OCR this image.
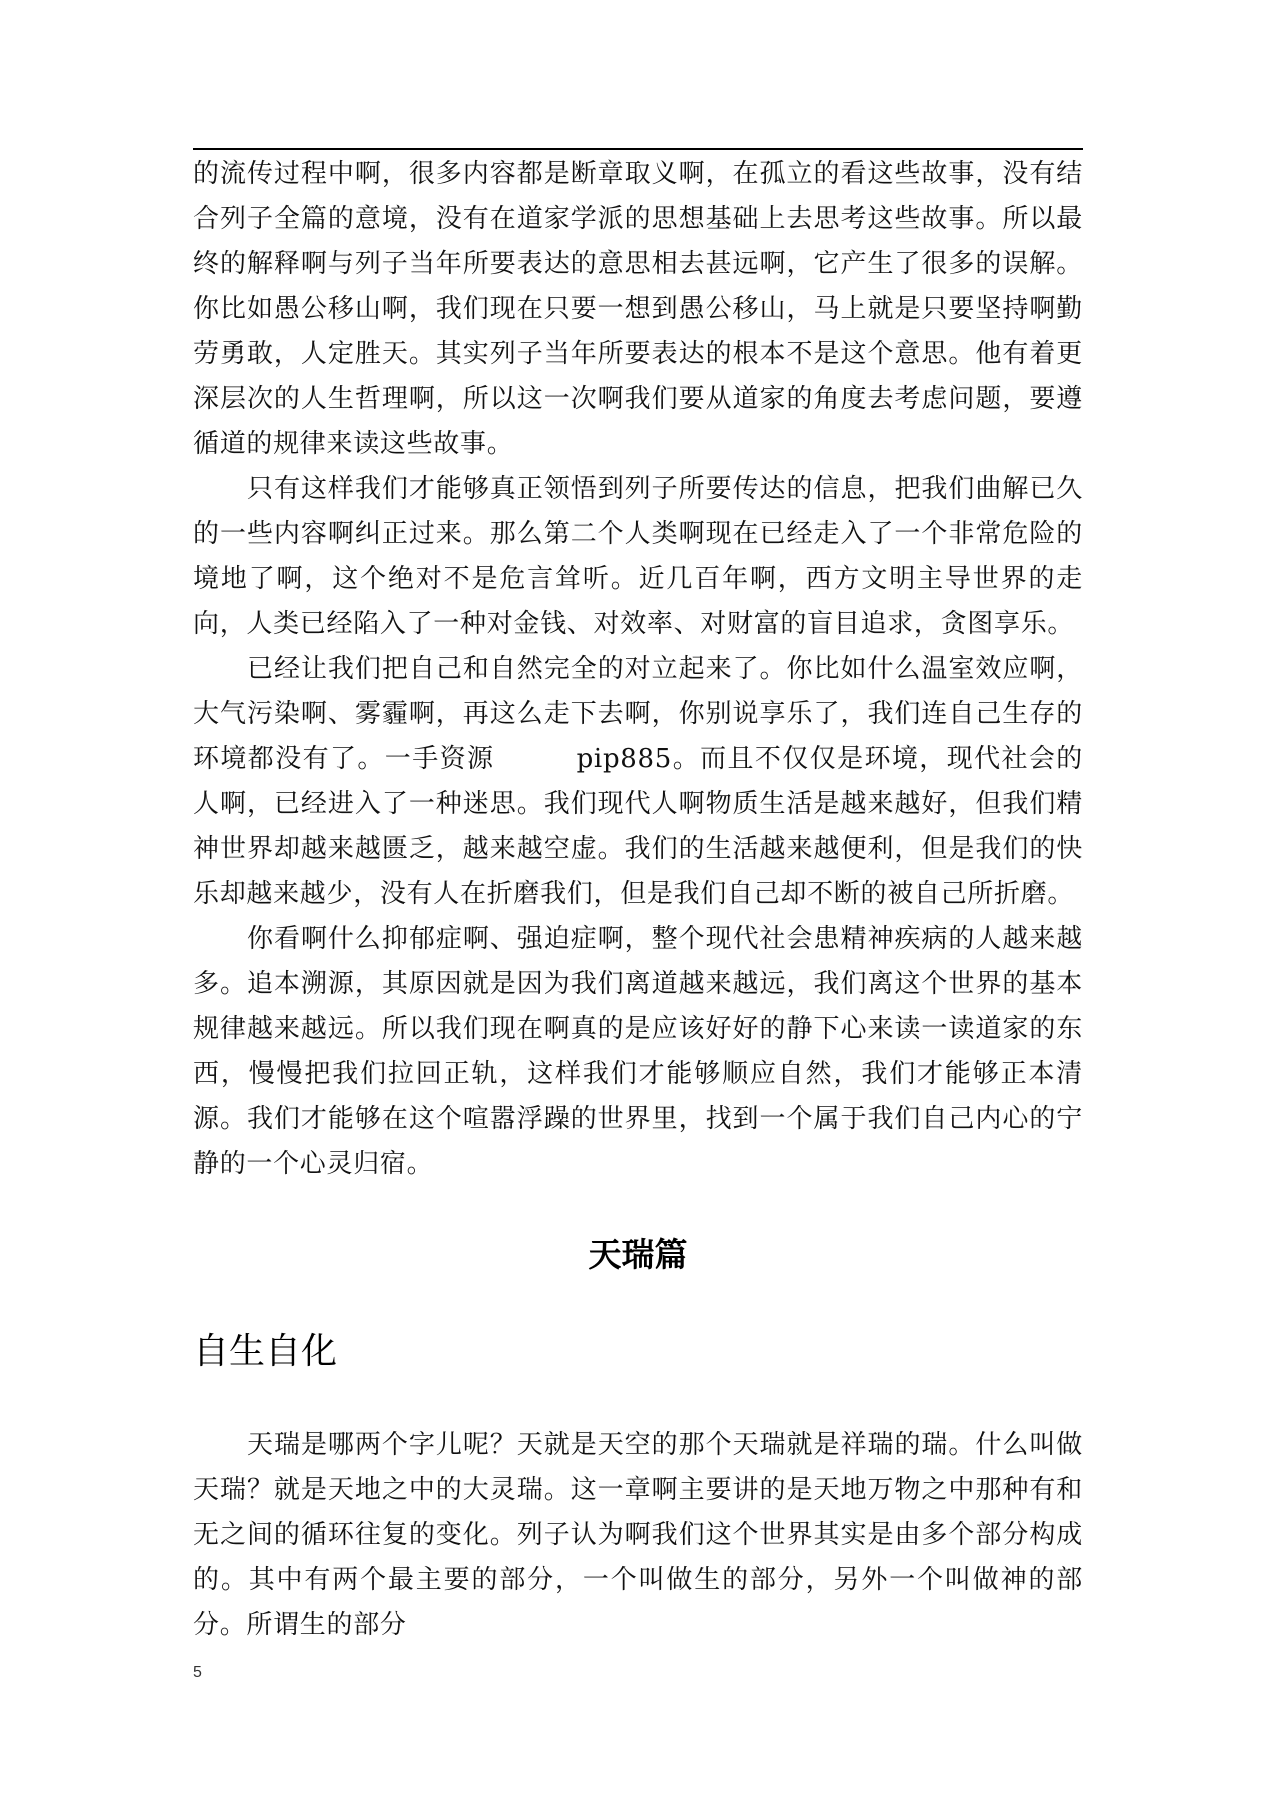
的流传过程中啊，很多内容都是断章取义啊，在孤立的看这些故事，没有结合列子全篇的意境，没有在道家学派的思想基础上去思考这些故事。所以最终的解释啊与列子当年所要表达的意思相去甚远啊，它产生了很多的误解。你比如愚公移山啊，我们现在只要一想到愚公移山，马上就是只要坚持啊勤劳勇敢，人定胜天。其实列子当年所要表达的根本不是这个意思。他有着更深层次的人生哲理啊，所以这一次啊我们要从道家的角度去考虑问题，要遵循道的规律来读这些故事。

只有这样我们才能够真正领悟到列子所要传达的信息，把我们曲解已久的一些内容啊纠正过来。那么第二个人类啊现在已经走入了一个非常危险的境地了啊，这个绝对不是危言耸听。近几百年啊，西方文明主导世界的走向，人类已经陷入了一种对金钱、对效率、对财富的盲目追求，贪图享乐。

已经让我们把自己和自然完全的对立起来了。你比如什么温室效应啊，大气污染啊、雾霾啊，再这么走下去啊，你别说享乐了，我们连自己生存的环境都没有了。一手资源　　　pip885。而且不仅仅是环境，现代社会的人啊，已经进入了一种迷思。我们现代人啊物质生活是越来越好，但我们精神世界却越来越匮乏，越来越空虚。我们的生活越来越便利，但是我们的快乐却越来越少，没有人在折磨我们，但是我们自己却不断的被自己所折磨。

你看啊什么抑郁症啊、强迫症啊，整个现代社会患精神疾病的人越来越多。追本溯源，其原因就是因为我们离道越来越远，我们离这个世界的基本规律越来越远。所以我们现在啊真的是应该好好的静下心来读一读道家的东西，慢慢把我们拉回正轨，这样我们才能够顺应自然，我们才能够正本清源。我们才能够在这个喧嚣浮躁的世界里，找到一个属于我们自己内心的宁静的一个心灵归宿。

天瑞篇
自生自化

天瑞是哪两个字儿呢？天就是天空的那个天瑞就是祥瑞的瑞。什么叫做天瑞？就是天地之中的大灵瑞。这一章啊主要讲的是天地万物之中那种有和无之间的循环往复的变化。列子认为啊我们这个世界其实是由多个部分构成的。其中有两个最主要的部分，一个叫做生的部分，另外一个叫做神的部分。所谓生的部分

5
